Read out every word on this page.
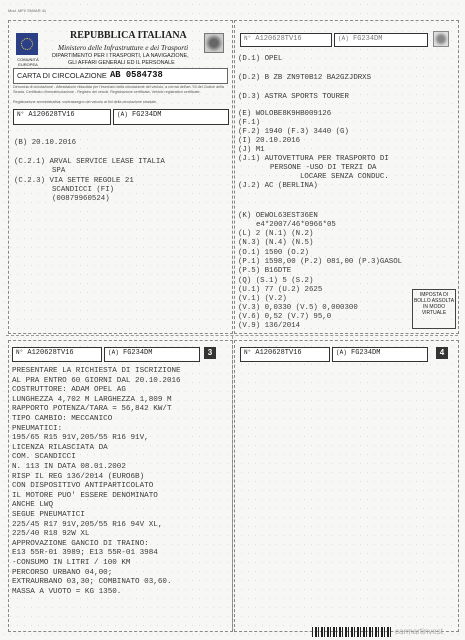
Mod. MFI/ SNVAR 41
COMUNITÀ EUROPEA
REPUBBLICA ITALIANA
Ministero delle Infrastrutture e dei Trasporti
DIPARTIMENTO PER I TRASPORTI, LA NAVIGAZIONE,
GLI AFFARI GENERALI ED IL PERSONALE
CARTA DI CIRCOLAZIONE AB 0584738
Denuncia di circolazione - Attestazione rilasciata per l'esercizio della circolazione del veicolo, a norma dell'art. 93 del Codice della Strada. Certificato d'immatricolazione - Registro dei veicoli. Registrazione certificata. Vehicle registration certificate.
Registrazione amministrativa: contrassegno del veicolo ai fini della circolazione stradale.
N° A120628TV16	(A) FG234DM
(B) 20.10.2016
(C.2.1) ARVAL SERVICE LEASE ITALIA
SPA
(C.2.3) VIA SETTE REGOLE 21
SCANDICCI (FI)
(00879960524)
N° A120628TV16	(A) FG234DM
(D.1) OPEL
(D.2) B ZB ZN9T0B12 BA2GZJDRXS
(D.3) ASTRA SPORTS TOURER
(E) WOLOBE8K9HB009126
(F.1)
(F.2) 1940 (F.3) 3440 (G)
(I) 20.10.2016
(J) M1
(J.1) AUTOVETTURA PER TRASPORTO DI
PERSONE -USO DI TERZI DA
LOCARE SENZA CONDUC.
(J.2) AC (BERLINA)
(K) OEWOL63EST36EN
e4*2007/46*0966*05
(L) 2 (N.1) (N.2)
(N.3) (N.4) (N.5)
(O.1) 1500 (O.2)
(P.1) 1598,00 (P.2) 081,00 (P.3)GASOL
(P.5) B16DTE
(Q) (S.1) 5 (S.2)
(U.1) 77 (U.2) 2625
(V.1) (V.2)
(V.3) 0,0330 (V.5) 0,000300
(V.6) 0,52 (V.7) 95,0
(V.9) 136/2014
IMPOSTA DI BOLLO ASSOLTA IN MODO VIRTUALE
N° A120628TV16	(A) FG234DM	3
PRESENTARE LA RICHIESTA DI ISCRIZIONE
AL PRA ENTRO 60 GIORNI DAL 20.10.2016
COSTRUTTORE: ADAM OPEL AG
LUNGHEZZA 4,702 M LARGHEZZA 1,809 M
RAPPORTO POTENZA/TARA = 56,842 KW/T
TIPO CAMBIO: MECCANICO
PNEUMATICI:
195/65 R15 91V,205/55 R16 91V,
LICENZA RILASCIATA DA
COM. SCANDICCI
N. 113 IN DATA 08.01.2002
RISP IL REG 136/2014 (EURO6B)
CON DISPOSITIVO ANTIPARTICOLATO
IL MOTORE PUO' ESSERE DENOMINATO
ANCHE LWQ
SEGUE PNEUMATICI
225/45 R17 91V,205/55 R16 94V XL,
225/40 R18 92W XL
APPROVAZIONE GANCIO DI TRAINO:
E13 55R-01 3989; E13 55R-01 3984
-CONSUMO IN LITRI / 100 KM
PERCORSO URBANO 04,00;
EXTRAURBANO 03,30; COMBINATO 03,60.
MASSA A VUOTO = KG 1350.
N° A120628TV16	(A) FG234DM	4
carmartinvest
